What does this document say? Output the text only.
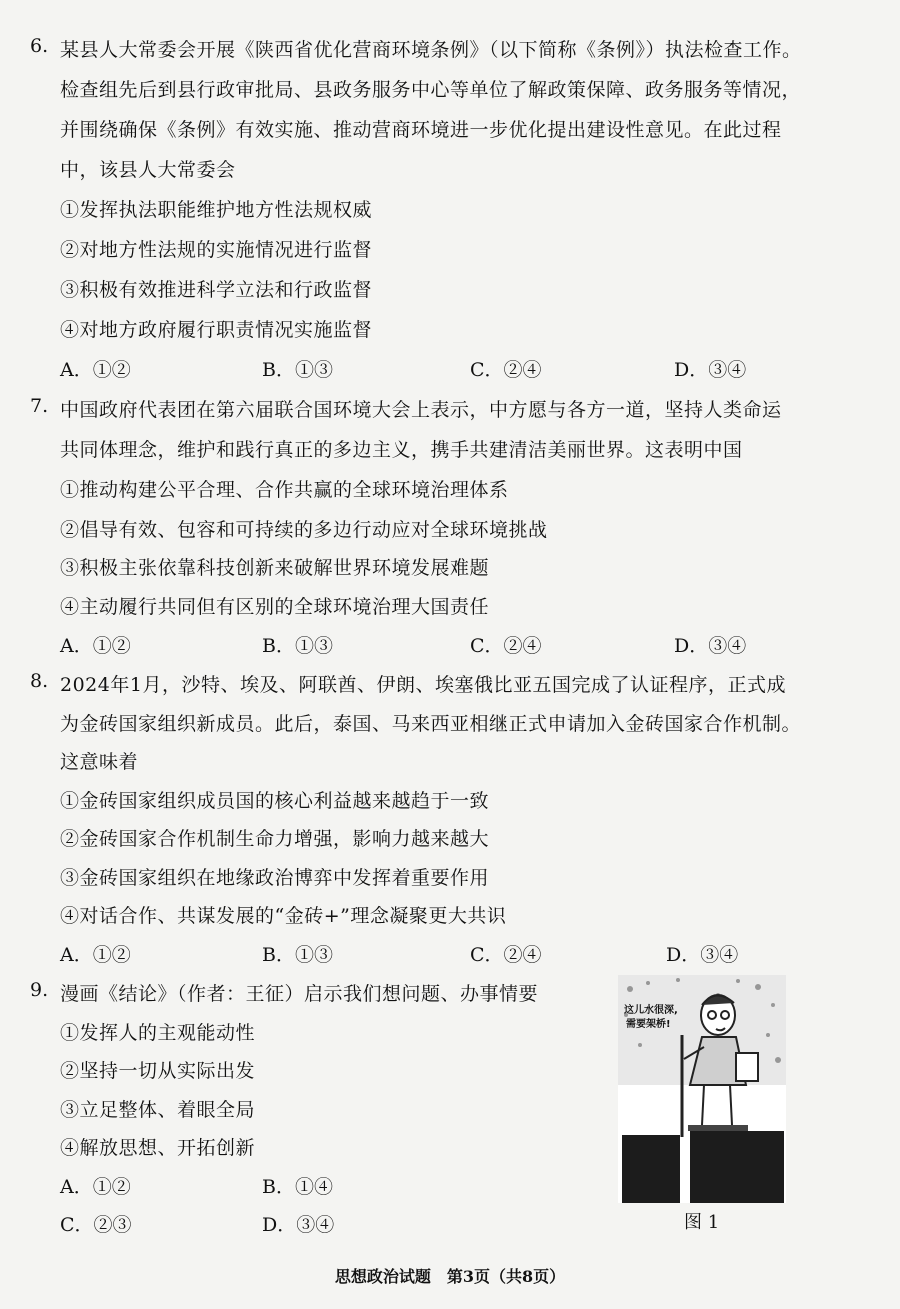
6. 某县人大常委会开展《陕西省优化营商环境条例》（以下简称《条例》）执法检查工作。
检查组先后到县行政审批局、县政务服务中心等单位了解政策保障、政务服务等情况，
并围绕确保《条例》有效实施、推动营商环境进一步优化提出建设性意见。在此过程
中，该县人大常委会
①发挥执法职能维护地方性法规权威
②对地方性法规的实施情况进行监督
③积极有效推进科学立法和行政监督
④对地方政府履行职责情况实施监督
A．①②	B．①③	C．②④	D．③④
7. 中国政府代表团在第六届联合国环境大会上表示，中方愿与各方一道，坚持人类命运
共同体理念，维护和践行真正的多边主义，携手共建清洁美丽世界。这表明中国
①推动构建公平合理、合作共赢的全球环境治理体系
②倡导有效、包容和可持续的多边行动应对全球环境挑战
③积极主张依靠科技创新来破解世界环境发展难题
④主动履行共同但有区别的全球环境治理大国责任
A．①②	B．①③	C．②④	D．③④
8. 2024年1月，沙特、埃及、阿联酋、伊朗、埃塞俄比亚五国完成了认证程序，正式成
为金砖国家组织新成员。此后，泰国、马来西亚相继正式申请加入金砖国家合作机制。
这意味着
①金砖国家组织成员国的核心利益越来越趋于一致
②金砖国家合作机制生命力增强，影响力越来越大
③金砖国家组织在地缘政治博弈中发挥着重要作用
④对话合作、共谋发展的“金砖+”理念凝聚更大共识
A．①②	B．①③	C．②④	D．③④
9. 漫画《结论》（作者：王征）启示我们想问题、办事情要
①发挥人的主观能动性
②坚持一切从实际出发
③立足整体、着眼全局
④解放思想、开拓创新
A．①②	B．①④
C．②③	D．③④
这儿水很深,
需要架桥!
图 1
思想政治试题　第3页（共8页）
